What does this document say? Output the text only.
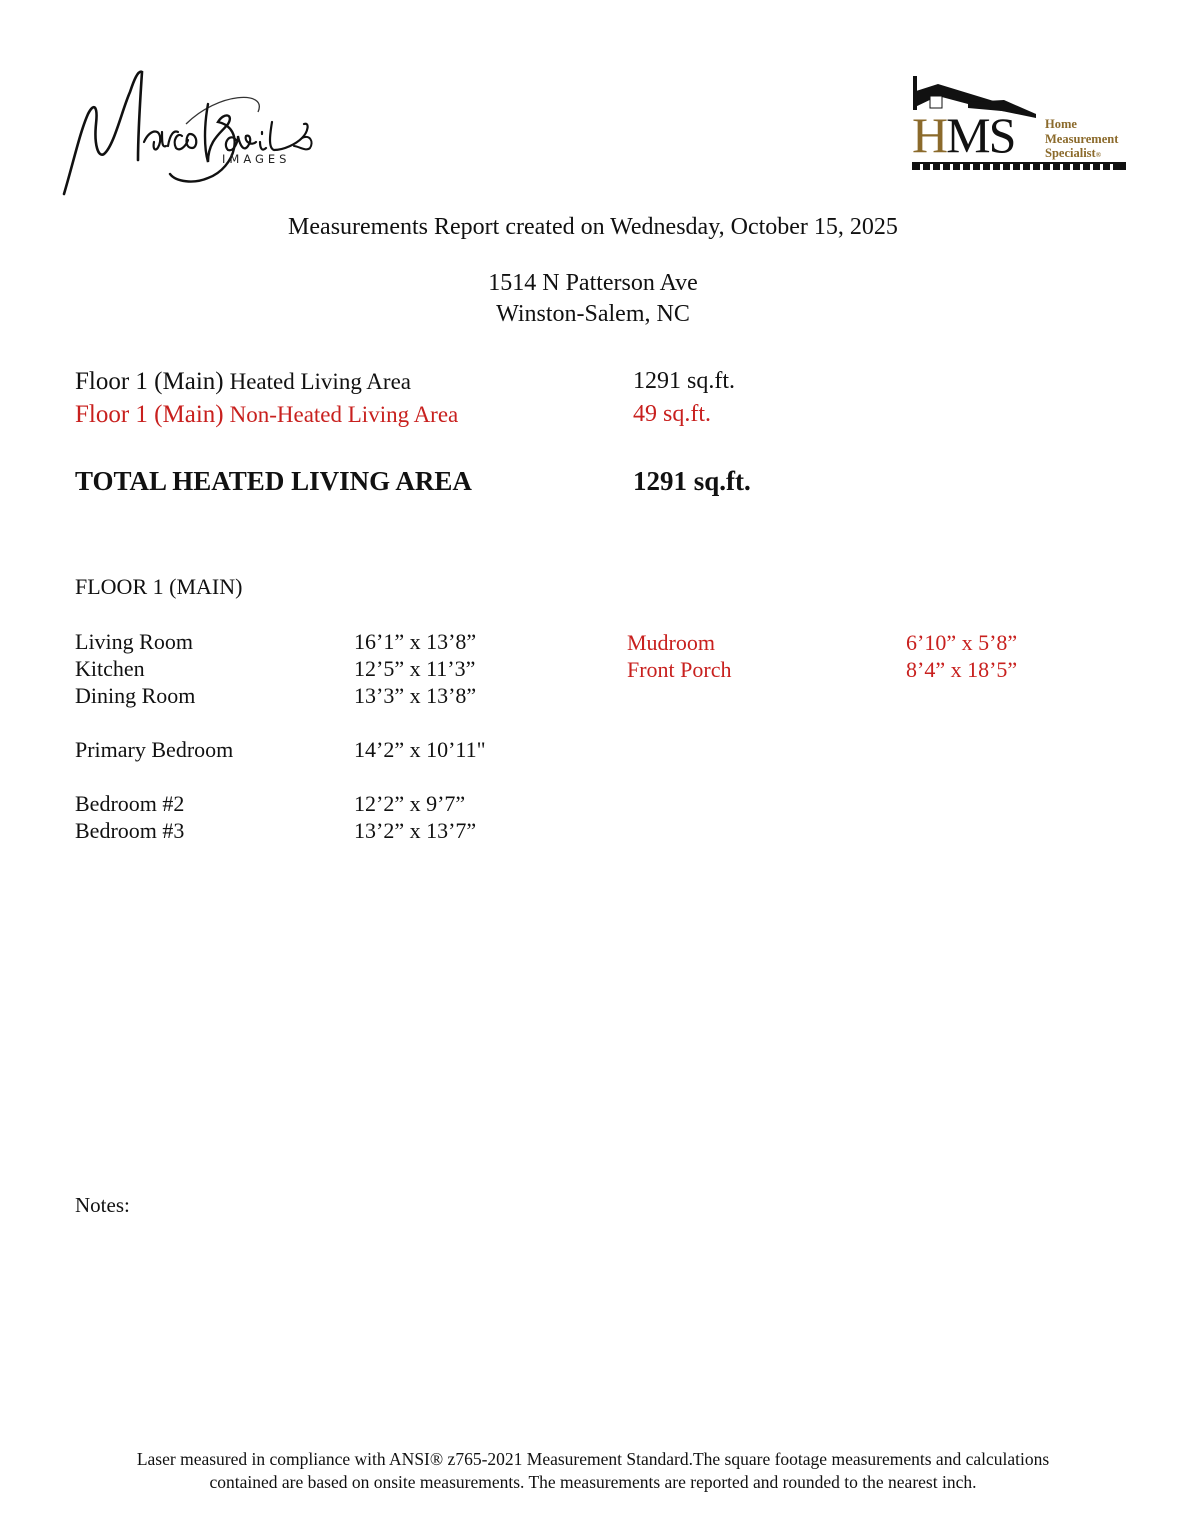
IMAGES	HMS Home
Measurement
Specialist®
Measurements Report created on Wednesday, October 15, 2025
1514 N Patterson Ave
Winston-Salem, NC
Floor 1 (Main) Heated Living Area	1291 sq.ft.
Floor 1 (Main) Non-Heated Living Area	49 sq.ft.
TOTAL HEATED LIVING AREA	1291 sq.ft.
FLOOR 1 (MAIN)
Living Room	16’1” x 13’8”
Kitchen	12’5” x 11’3”
Dining Room	13’3” x 13’8”
Primary Bedroom	14’2” x 10’11"
Bedroom #2	12’2” x 9’7”
Bedroom #3	13’2” x 13’7”
Mudroom	6’10” x 5’8”
Front Porch	8’4” x 18’5”
Notes:
Laser measured in compliance with ANSI® z765-2021 Measurement Standard.The square footage measurements and calculations
contained are based on onsite measurements. The measurements are reported and rounded to the nearest inch.
